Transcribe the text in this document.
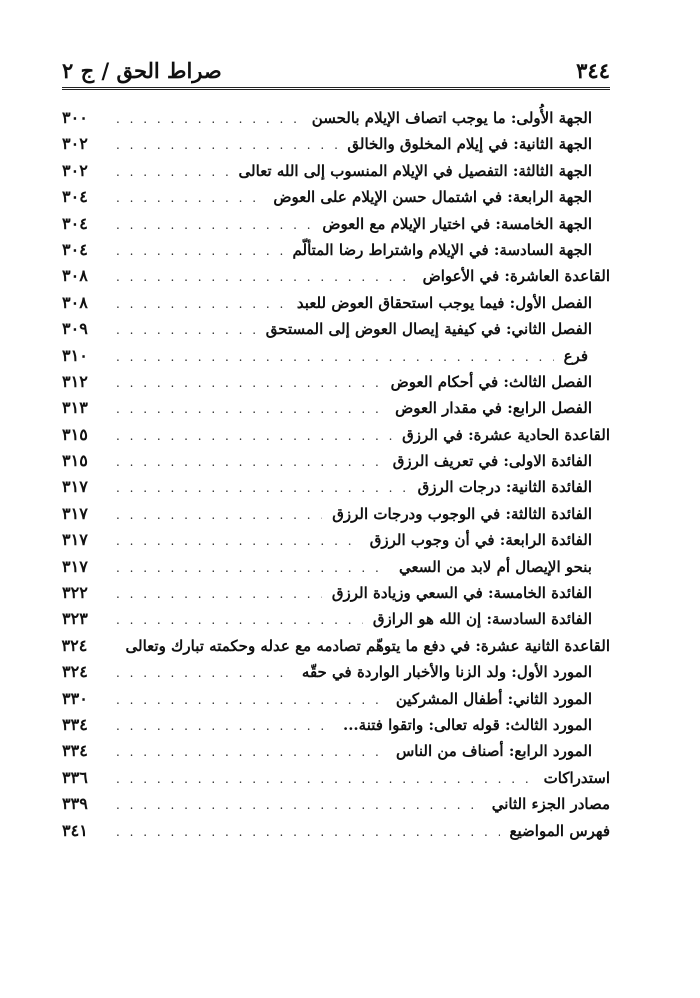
٣٤٤
صراط الحق / ج ٢
الجهة الأُولى: ما يوجب اتصاف الإيلام بالحسن
. . .
٣٠٠
الجهة الثانية: في إيلام المخلوق والخالق
. . .
٣٠٢
الجهة الثالثة: التفصيل في الإيلام المنسوب إلى الله تعالى
. . .
٣٠٢
الجهة الرابعة: في اشتمال حسن الإيلام على العوض
. . .
٣٠٤
الجهة الخامسة: في اختيار الإيلام مع العوض
. . .
٣٠٤
الجهة السادسة: في الإيلام واشتراط رضا المتألّم
. . .
٣٠٤
القاعدة العاشرة: في الأعواض
. . .
٣٠٨
الفصل الأول: فيما يوجب استحقاق العوض للعبد
. . .
٣٠٨
الفصل الثاني: في كيفية إيصال العوض إلى المستحق
. . .
٣٠٩
فرع
. . .
٣١٠
الفصل الثالث: في أحكام العوض
. . .
٣١٢
الفصل الرابع: في مقدار العوض
. . .
٣١٣
القاعدة الحادية عشرة: في الرزق
. . .
٣١٥
الفائدة الاولى: في تعريف الرزق
. . .
٣١٥
الفائدة الثانية: درجات الرزق
. . .
٣١٧
الفائدة الثالثة: في الوجوب ودرجات الرزق
. . .
٣١٧
الفائدة الرابعة: في أن وجوب الرزق
. . .
٣١٧
بنحو الإيصال أم لابد من السعي
. . .
٣١٧
الفائدة الخامسة: في السعي وزيادة الرزق
. . .
٣٢٢
الفائدة السادسة: إن الله هو الرازق
. . .
٣٢٣
القاعدة الثانية عشرة: في دفع ما يتوهّم تصادمه مع عدله وحكمته تبارك وتعالى
٣٢٤
المورد الأول: ولد الزنا والأخبار الواردة في حقّه
. . .
٣٢٤
المورد الثاني: أطفال المشركين
. . .
٣٣٠
المورد الثالث: قوله تعالى: واتقوا فتنة...
. . .
٣٣٤
المورد الرابع: أصناف من الناس
. . .
٣٣٤
استدراكات
. . .
٣٣٦
مصادر الجزء الثاني
. . .
٣٣٩
فهرس المواضيع
. . .
٣٤١
